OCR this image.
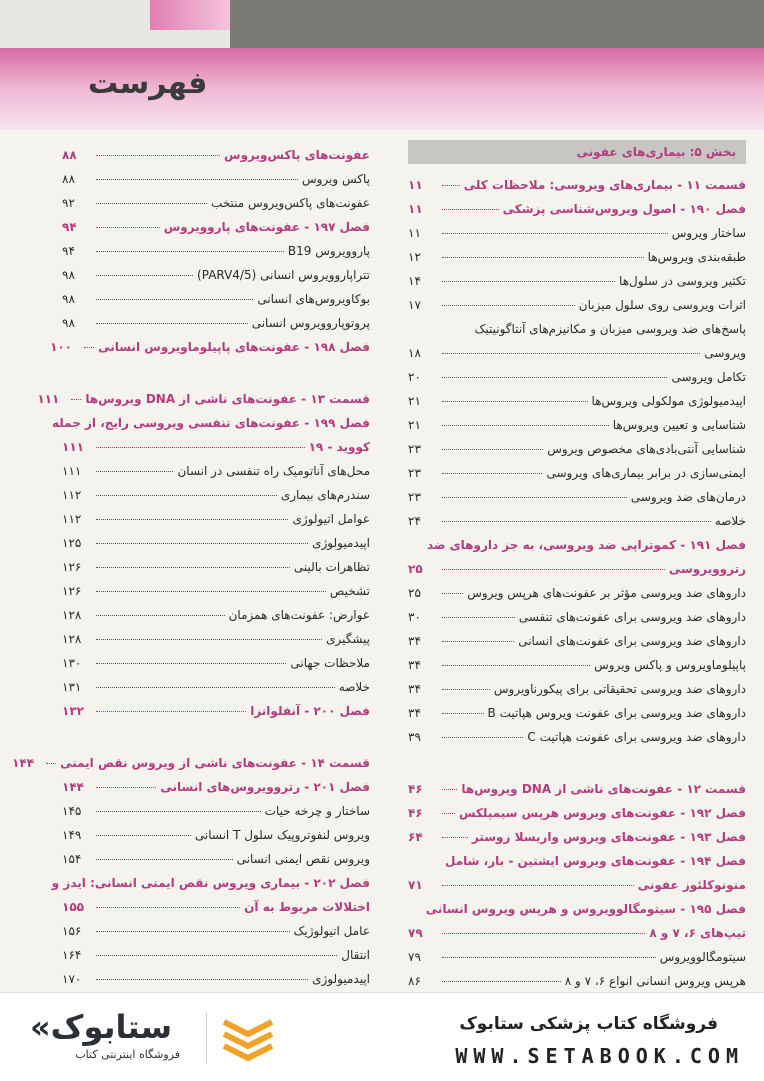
فهرست
بخش ۵: بیماری‌های عفونی
قسمت ۱۱ - بیماری‌های ویروسی: ملاحظات کلی
۱۱
فصل ۱۹۰ - اصول ویروس‌شناسی پزشکی
۱۱
ساختار ویروس
۱۱
طبقه‌بندی ویروس‌ها
۱۲
تکثیر ویروسی در سلول‌ها
۱۴
اثرات ویروسی روی سلول میزبان
۱۷
پاسخ‌های ضد ویروسی میزبان و مکانیزم‌های آنتاگونیتیک
ویروسی
۱۸
تکامل ویروسی
۲۰
اپیدمیولوژی مولکولی ویروس‌ها
۲۱
شناسایی و تعیین ویروس‌ها
۲۱
شناسایی آنتی‌بادی‌های مخصوص ویروس
۲۳
ایمنی‌سازی در برابر بیماری‌های ویروسی
۲۳
درمان‌های ضد ویروسی
۲۳
خلاصه
۲۴
فصل ۱۹۱ - کموتراپی ضد ویروسی، به جز داروهای ضد
رتروویروسی
۲۵
داروهای ضد ویروسی مؤثر بر عفونت‌های هرپس ویروس
۲۵
داروهای ضد ویروسی برای عفونت‌های تنفسی
۳۰
داروهای ضد ویروسی برای عفونت‌های انسانی
۳۴
پاپیلوماویروس و پاکس ویروس
۳۴
داروهای ضد ویروسی تحقیقاتی برای پیکورناویروس
۳۴
داروهای ضد ویروسی برای عفونت ویروس هپاتیت B
۳۴
داروهای ضد ویروسی برای عفونت هپاتیت C
۳۹
قسمت ۱۲ - عفونت‌های ناشی از DNA ویروس‌ها
۴۶
فصل ۱۹۲ - عفونت‌های ویروس هرپس سیمپلکس
۴۶
فصل ۱۹۳ - عفونت‌های ویروس واریسلا زوستر
۶۴
فصل ۱۹۴ - عفونت‌های ویروس ایشتین - بار، شامل
منونوکلئوز عفونی
۷۱
فصل ۱۹۵ - سیتومگالوویروس و هرپس ویروس انسانی
تیپ‌های ۶، ۷ و ۸
۷۹
سیتومگالوویروس
۷۹
هرپس ویروس انسانی انواع ۶، ۷ و ۸
۸۶
عفونت‌های پاکس‌ویروس
۸۸
پاکس ویروس
۸۸
عفونت‌های پاکس‌ویروس منتخب
۹۲
فصل ۱۹۷ - عفونت‌های پاروویروس
۹۴
پاروویروس B19
۹۴
تتراپاروویروس انسانی (PARV4/5)
۹۸
بوکاویروس‌های انسانی
۹۸
پروتوپاروویروس انسانی
۹۸
فصل ۱۹۸ - عفونت‌های پاپیلوماویروس انسانی
۱۰۰
قسمت ۱۳ - عفونت‌های ناشی از DNA ویروس‌ها
۱۱۱
فصل ۱۹۹ - عفونت‌های تنفسی ویروسی رایج، از جمله
کووید - ۱۹
۱۱۱
محل‌های آناتومیک راه تنفسی در انسان
۱۱۱
سندرم‌های بیماری
۱۱۲
عوامل اتیولوژی
۱۱۲
اپیدمیولوژی
۱۲۵
تظاهرات بالینی
۱۲۶
تشخیص
۱۲۶
عوارض: عفونت‌های همزمان
۱۲۸
پیشگیری
۱۲۸
ملاحظات جهانی
۱۳۰
خلاصه
۱۳۱
فصل ۲۰۰ - آنفلوانزا
۱۳۲
قسمت ۱۴ - عفونت‌های ناشی از ویروس نقص ایمنی
۱۴۴
فصل ۲۰۱ - رتروویروس‌های انسانی
۱۴۴
ساختار و چرخه حیات
۱۴۵
ویروس لنفوتروپیک سلول T انسانی
۱۴۹
ویروس نقص ایمنی انسانی
۱۵۴
فصل ۲۰۲ - بیماری ویروس نقص ایمنی انسانی: ایدز و
اختلالات مربوط به آن
۱۵۵
عامل اتیولوژیک
۱۵۶
انتقال
۱۶۴
اپیدمیولوژی
۱۷۰
فروشگاه کتاب پزشکی ستابوک
WWW.SETABOOK.COM
«ستابوک
فروشگاه اینترنتی کتاب
